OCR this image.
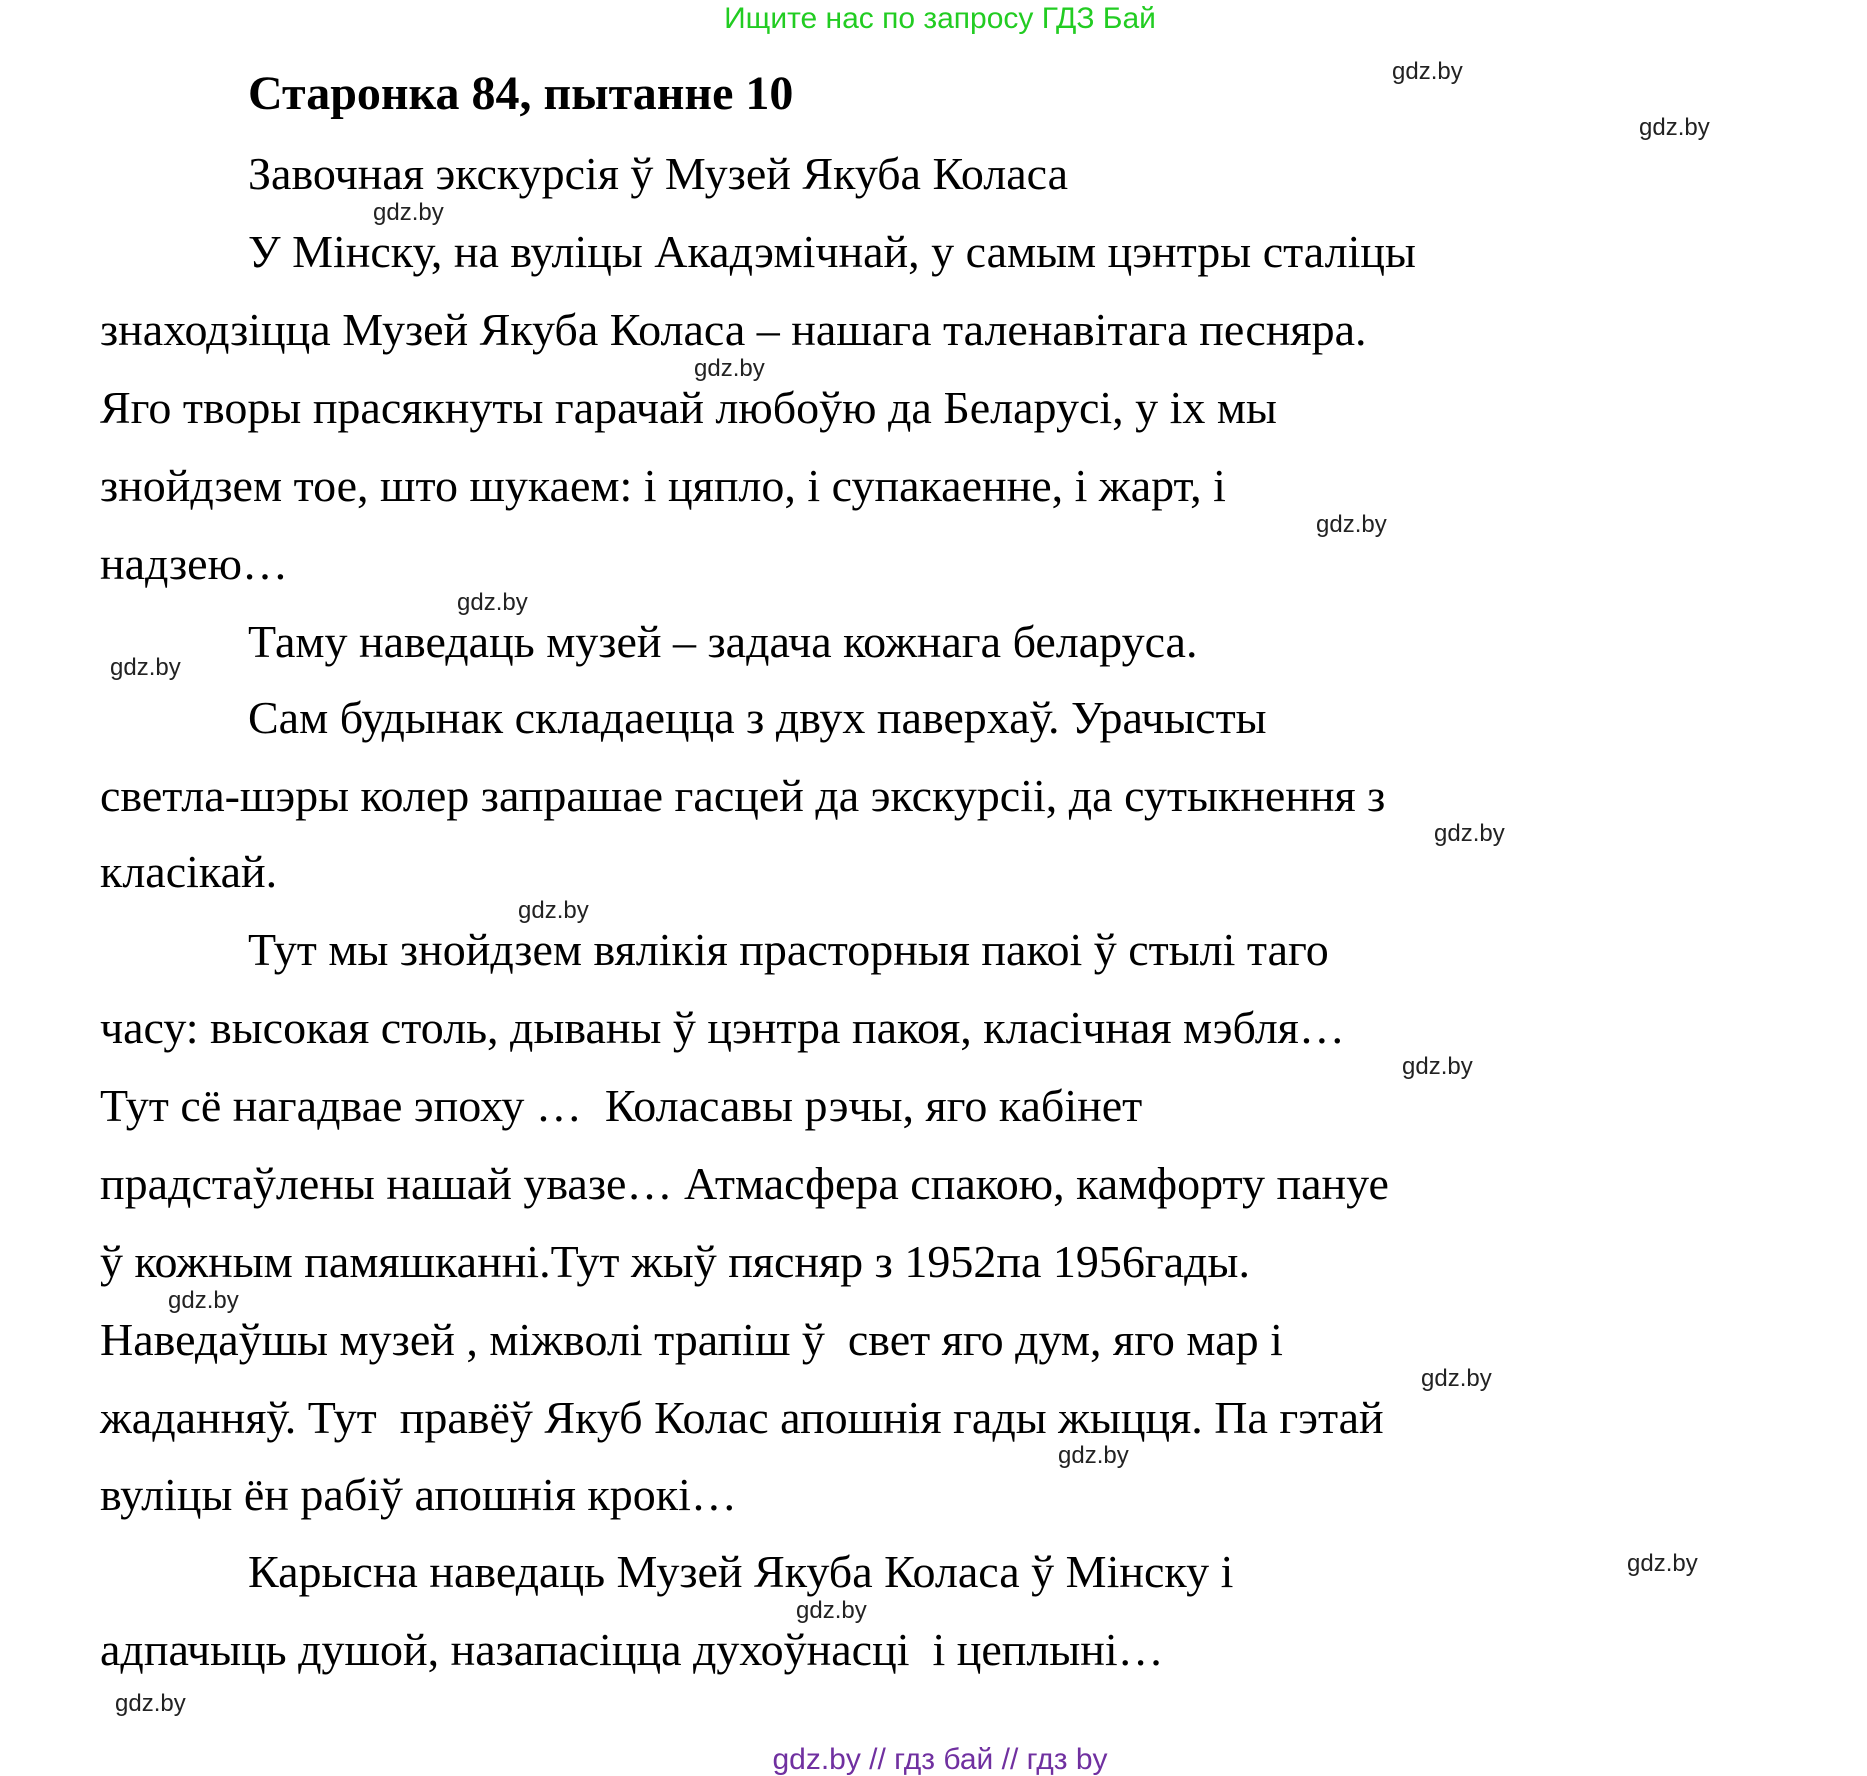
Ищите нас по запросу ГДЗ Бай
Старонка 84, пытанне 10
Завочная экскурсія ў Музей Якуба Коласа
У Мінску, на вуліцы Акадэмічнай, у самым цэнтры сталіцы
знаходзіцца Музей Якуба Коласа – нашага таленавітага песняра.
Яго творы прасякнуты гарачай любоўю да Беларусі, у іх мы
знойдзем тое, што шукаем: і цяпло, і супакаенне, і жарт, і
надзею…
Таму наведаць музей – задача кожнага беларуса.
Сам будынак складаецца з двух паверхаў. Урачысты
светла-шэры колер запрашае гасцей да экскурсіі, да сутыкнення з
класікай.
Тут мы знойдзем вялікія прасторныя пакоі ў стылі таго
часу: высокая столь, дываны ў цэнтра пакоя, класічная мэбля…
Тут сё нагадвае эпоху …  Коласавы рэчы, яго кабінет
прадстаўлены нашай увазе… Атмасфера спакою, камфорту пануе
ў кожным памяшканні.Тут жыў пясняр з 1952па 1956гады.
Наведаўшы музей , міжволі трапіш ў  свет яго дум, яго мар і
жаданняў. Тут  правёў Якуб Колас апошнія гады жыцця. Па гэтай
вуліцы ён рабіў апошнія крокі…
Карысна наведаць Музей Якуба Коласа ў Мінску і
адпачыць душой, назапасіцца духоўнасці  і цеплыні…
gdz.by
gdz.by
gdz.by
gdz.by
gdz.by
gdz.by
gdz.by
gdz.by
gdz.by
gdz.by
gdz.by
gdz.by
gdz.by
gdz.by
gdz.by
gdz.by
gdz.by // гдз бай // гдз by
